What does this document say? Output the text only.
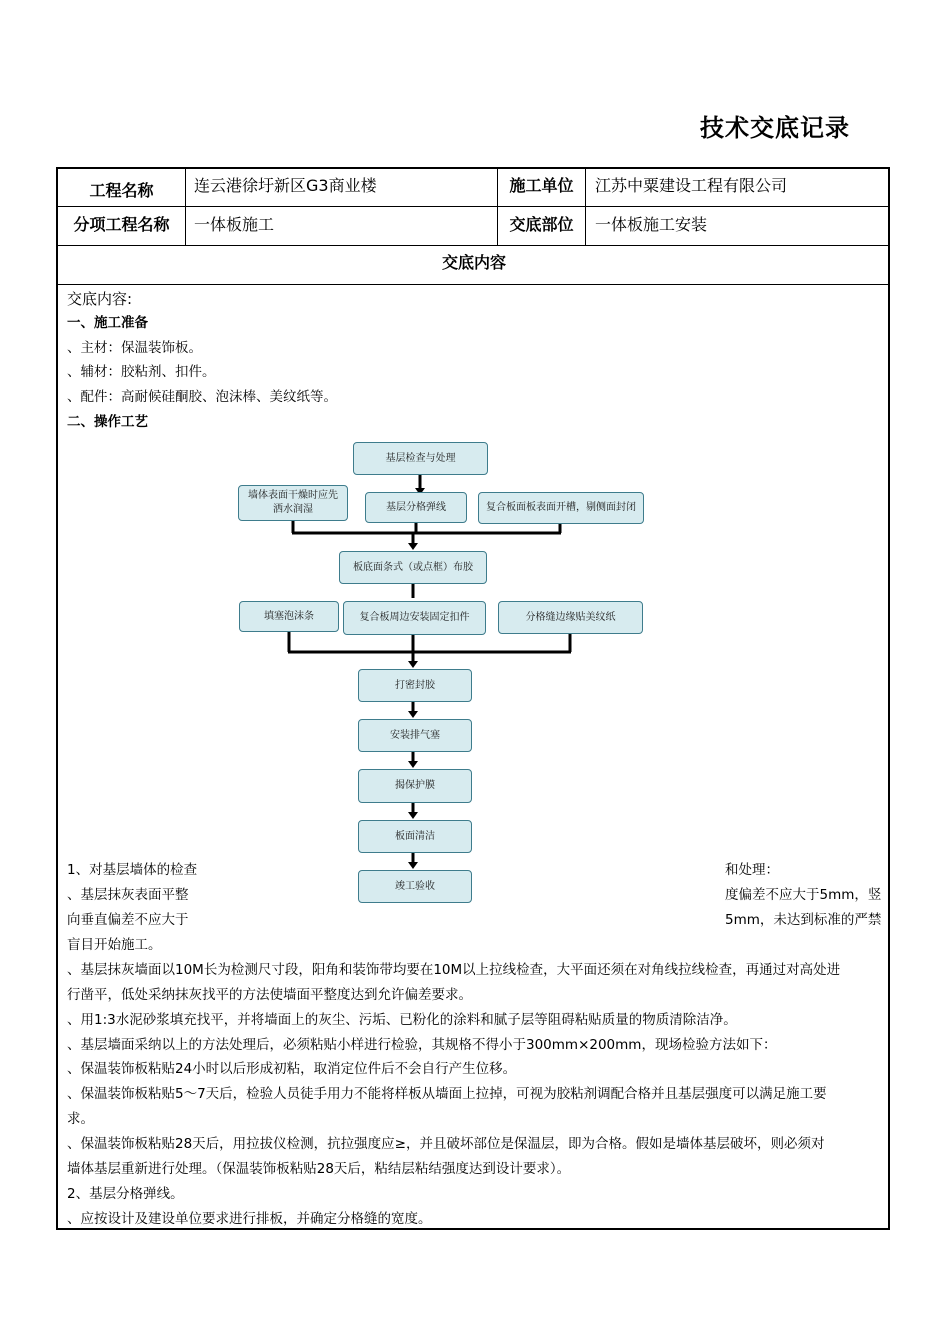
技术交底记录
工程名称	连云港徐圩新区G3商业楼	施工单位	江苏中粟建设工程有限公司
分项工程名称	一体板施工	交底部位	一体板施工安装
交底内容
交底内容:
一、施工准备
、主材：保温装饰板。
、辅材：胶粘剂、扣件。
、配件：高耐候硅酮胶、泡沫棒、美纹纸等。
二、操作工艺
基层检查与处理
墙体表面干燥时应先洒水润湿	基层分格弹线	复合板面板表面开槽，剔侧面封闭
板底面条式（或点框）布胶
填塞泡沫条	复合板周边安装固定扣件	分格缝边缘贴美纹纸
打密封胶
安装排气塞
揭保护膜
板面清洁
竣工验收
1、对基层墙体的检查
、基层抹灰表面平整
向垂直偏差不应大于
和处理：
度偏差不应大于5mm，竖
5mm，未达到标准的严禁
盲目开始施工。
、基层抹灰墙面以10M长为检测尺寸段，阳角和装饰带均要在10M以上拉线检查，大平面还须在对角线拉线检查，再通过对高处进
行凿平，低处采纳抹灰找平的方法使墙面平整度达到允许偏差要求。
、用1:3水泥砂浆填充找平，并将墙面上的灰尘、污垢、已粉化的涂料和腻子层等阻碍粘贴质量的物质清除洁净。
、基层墙面采纳以上的方法处理后，必须粘贴小样进行检验，其规格不得小于300mm×200mm，现场检验方法如下：
、保温装饰板粘贴24小时以后形成初粘，取消定位件后不会自行产生位移。
、保温装饰板粘贴5～7天后，检验人员徒手用力不能将样板从墙面上拉掉，可视为胶粘剂调配合格并且基层强度可以满足施工要
求。
、保温装饰板粘贴28天后，用拉拔仪检测，抗拉强度应≥，并且破坏部位是保温层，即为合格。假如是墙体基层破坏，则必须对
墙体基层重新进行处理。（保温装饰板粘贴28天后，粘结层粘结强度达到设计要求）。
2、基层分格弹线。
、应按设计及建设单位要求进行排板，并确定分格缝的宽度。
